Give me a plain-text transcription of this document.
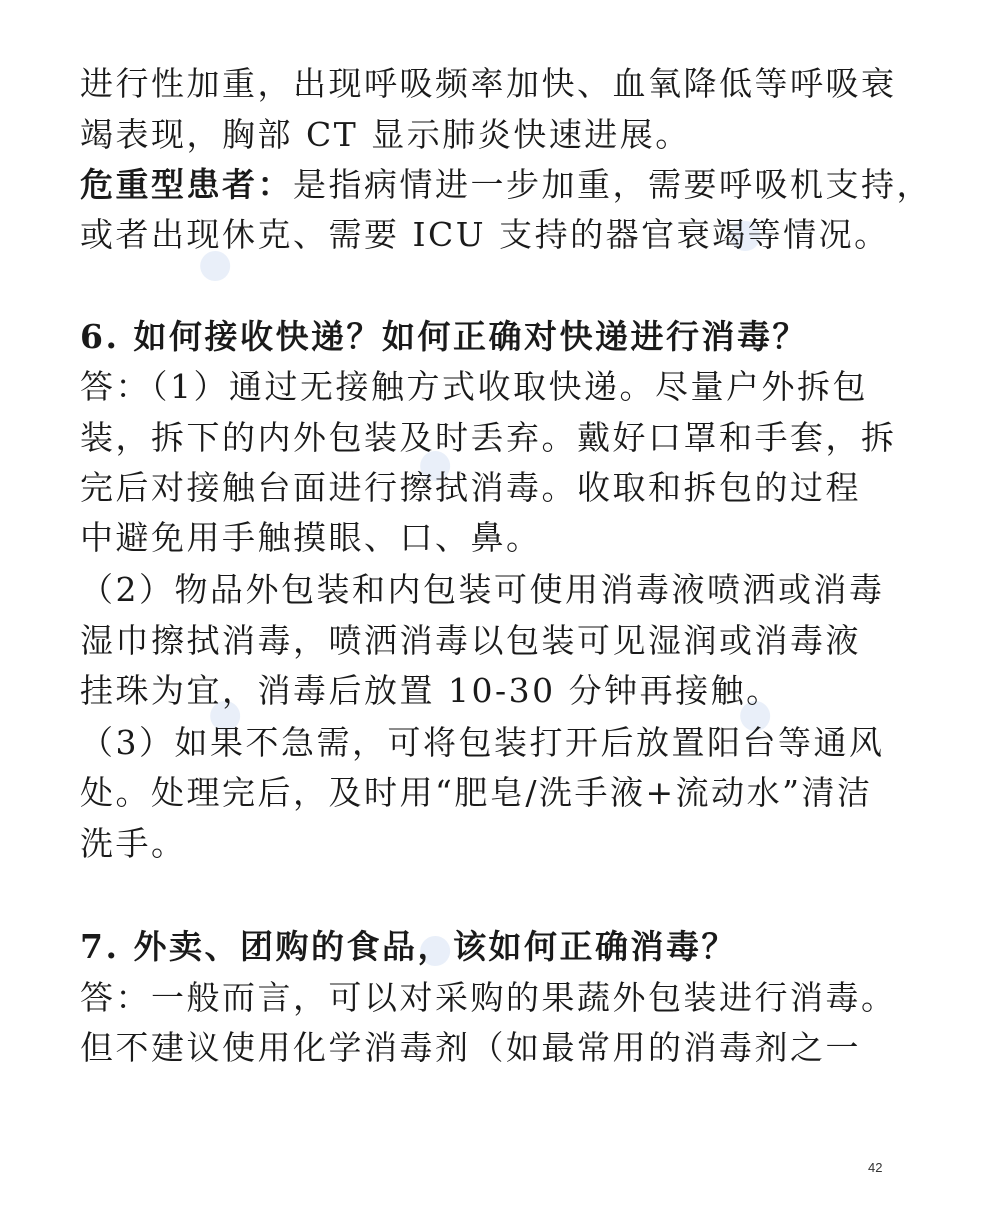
进行性加重，出现呼吸频率加快、血氧降低等呼吸衰
竭表现，胸部 CT 显示肺炎快速进展。
危重型患者：是指病情进一步加重，需要呼吸机支持，
或者出现休克、需要 ICU 支持的器官衰竭等情况。
6. 如何接收快递？如何正确对快递进行消毒？
答：（1）通过无接触方式收取快递。尽量户外拆包
装，拆下的内外包装及时丢弃。戴好口罩和手套，拆
完后对接触台面进行擦拭消毒。收取和拆包的过程
中避免用手触摸眼、口、鼻。
（2）物品外包装和内包装可使用消毒液喷洒或消毒
湿巾擦拭消毒，喷洒消毒以包装可见湿润或消毒液
挂珠为宜，消毒后放置 10-30 分钟再接触。
（3）如果不急需，可将包装打开后放置阳台等通风
处。处理完后，及时用“肥皂/洗手液+流动水”清洁
洗手。
7. 外卖、团购的食品，该如何正确消毒？
答：一般而言，可以对采购的果蔬外包装进行消毒。
但不建议使用化学消毒剂（如最常用的消毒剂之一
42
